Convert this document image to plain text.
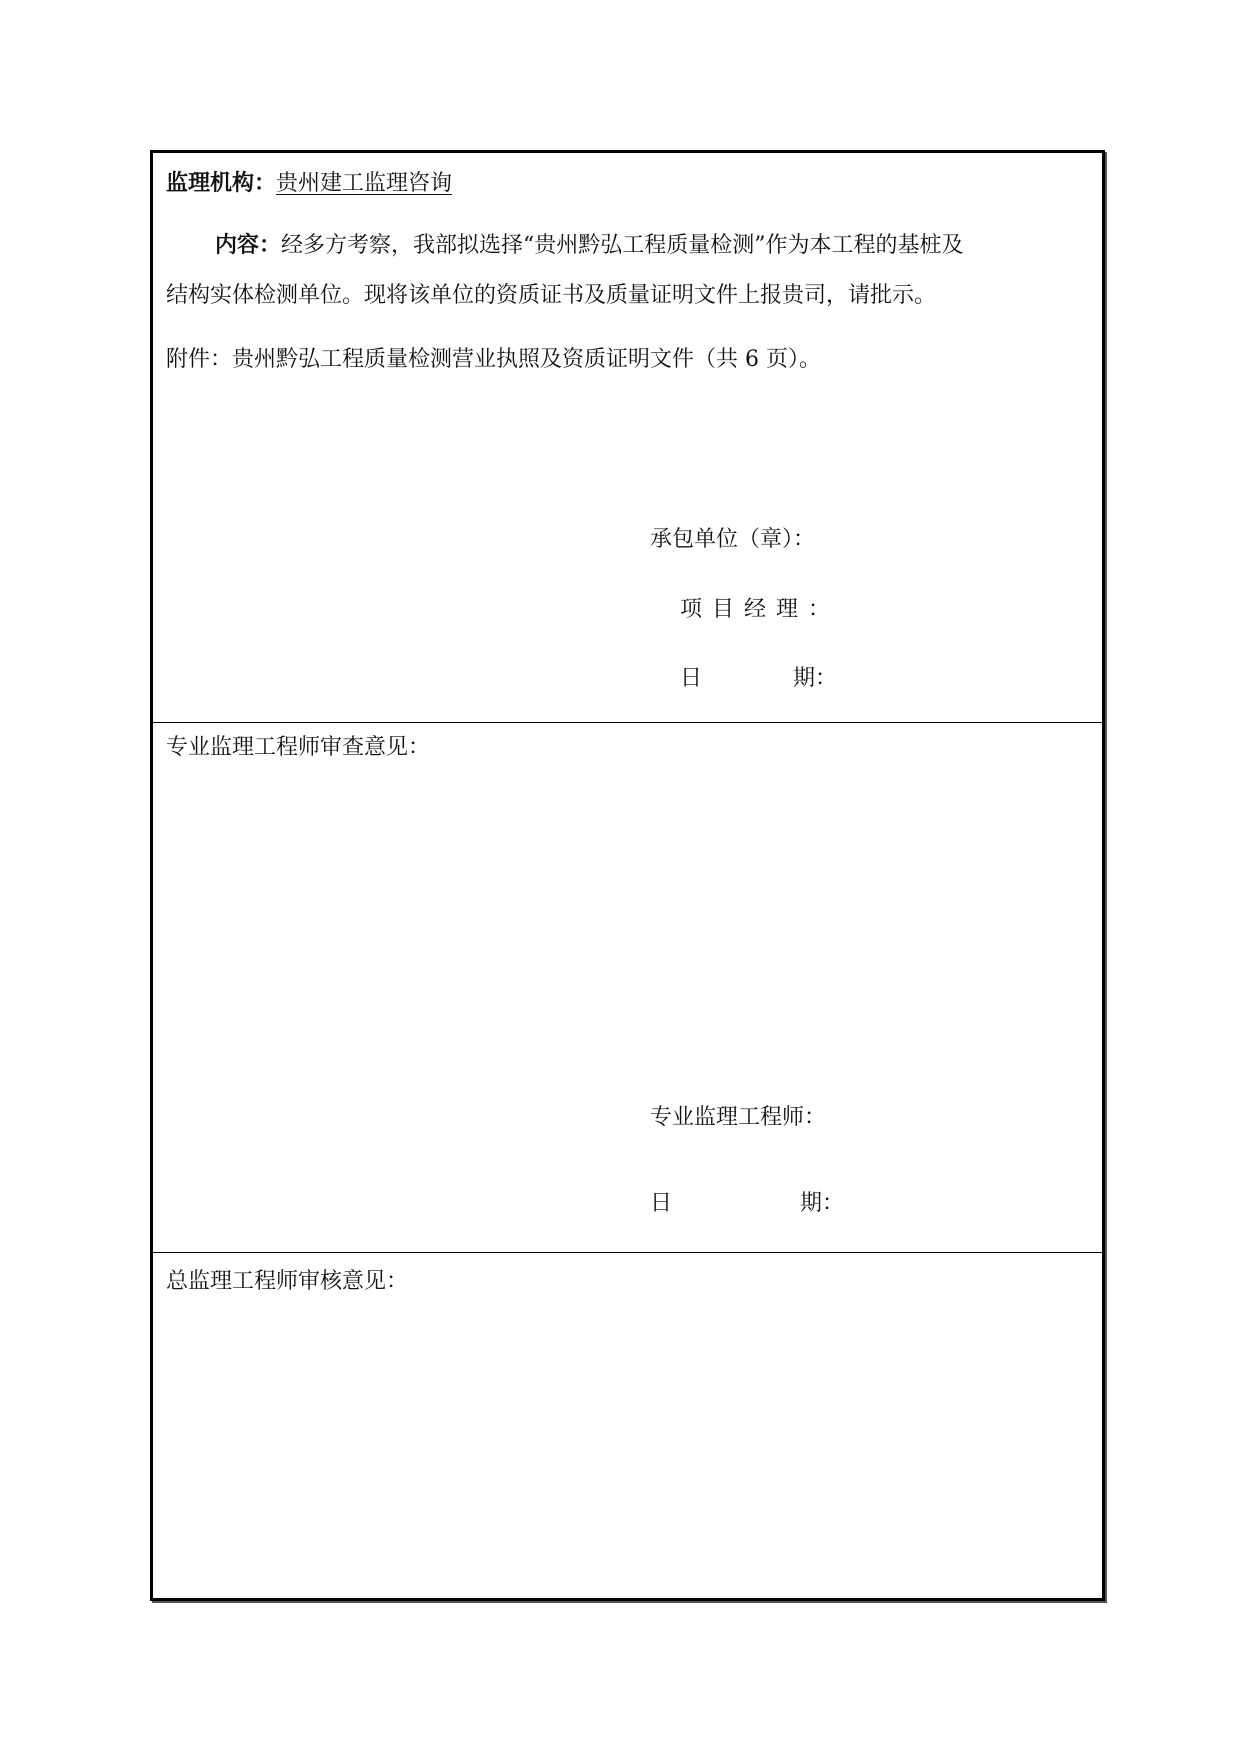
监理机构：贵州建工监理咨询
内容：经多方考察，我部拟选择“贵州黔弘工程质量检测”作为本工程的基桩及
结构实体检测单位。现将该单位的资质证书及质量证明文件上报贵司，请批示。
附件：贵州黔弘工程质量检测营业执照及资质证明文件（共 6 页）。
承包单位（章）：
项目经理：
日	期：
专业监理工程师审查意见：
专业监理工程师：
日	期：
总监理工程师审核意见：
